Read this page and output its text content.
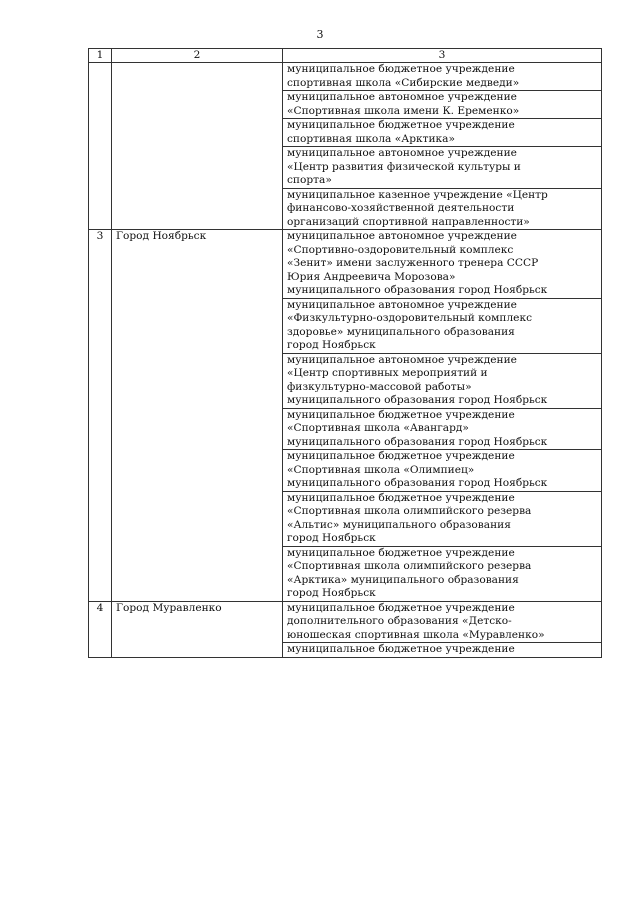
3
1	2	3

		муниципальное бюджетное учреждение
спортивная школа «Сибирские медведи»

		муниципальное автономное учреждение
«Спортивная школа имени К. Еременко»

		муниципальное бюджетное учреждение
спортивная школа «Арктика»

		муниципальное автономное учреждение
«Центр развития физической культуры и
спорта»

		муниципальное казенное учреждение «Центр
финансово-хозяйственной деятельности
организаций спортивной направленности»

3	Город Ноябрьск	муниципальное автономное учреждение
«Спортивно-оздоровительный комплекс
«Зенит» имени заслуженного тренера СССР
Юрия Андреевича Морозова»
муниципального образования город Ноябрьск

		муниципальное автономное учреждение
«Физкультурно-оздоровительный комплекс
здоровье» муниципального образования
город Ноябрьск

		муниципальное автономное учреждение
«Центр спортивных мероприятий и
физкультурно-массовой работы»
муниципального образования город Ноябрьск

		муниципальное бюджетное учреждение
«Спортивная школа «Авангард»
муниципального образования город Ноябрьск

		муниципальное бюджетное учреждение
«Спортивная школа «Олимпиец»
муниципального образования город Ноябрьск

		муниципальное бюджетное учреждение
«Спортивная школа олимпийского резерва
«Альтис» муниципального образования
город Ноябрьск

		муниципальное бюджетное учреждение
«Спортивная школа олимпийского резерва
«Арктика» муниципального образования
город Ноябрьск

4	Город Муравленко	муниципальное бюджетное учреждение
дополнительного образования «Детско-
юношеская спортивная школа «Муравленко»

		муниципальное бюджетное учреждение
